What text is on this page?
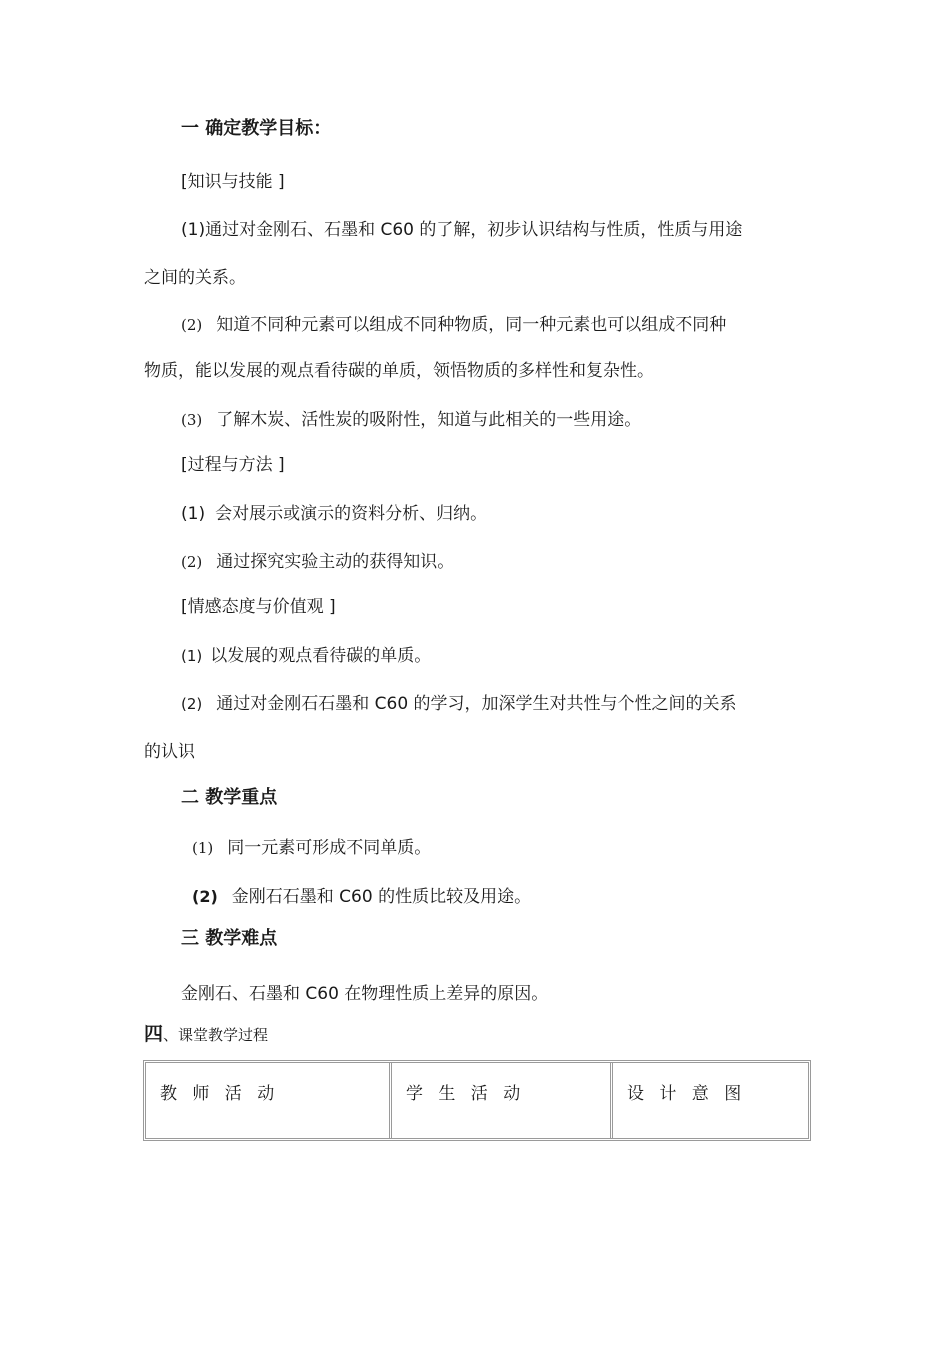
一 确定教学目标：
[知识与技能 ]
(1)通过对金刚石、石墨和 C60 的了解，初步认识结构与性质，性质与用途
之间的关系。
(2) 知道不同种元素可以组成不同种物质，同一种元素也可以组成不同种
物质，能以发展的观点看待碳的单质，领悟物质的多样性和复杂性。
(3) 了解木炭、活性炭的吸附性，知道与此相关的一些用途。
[过程与方法 ]
(1) 会对展示或演示的资料分析、归纳。
(2) 通过探究实验主动的获得知识。
[情感态度与价值观 ]
(1) 以发展的观点看待碳的单质。
(2) 通过对金刚石石墨和 C60 的学习，加深学生对共性与个性之间的关系
的认识
二 教学重点
(1) 同一元素可形成不同单质。
(2) 金刚石石墨和 C60 的性质比较及用途。
三 教学难点
金刚石、石墨和 C60 在物理性质上差异的原因。
四、课堂教学过程
教 师 活 动	学 生 活 动	设 计 意 图
